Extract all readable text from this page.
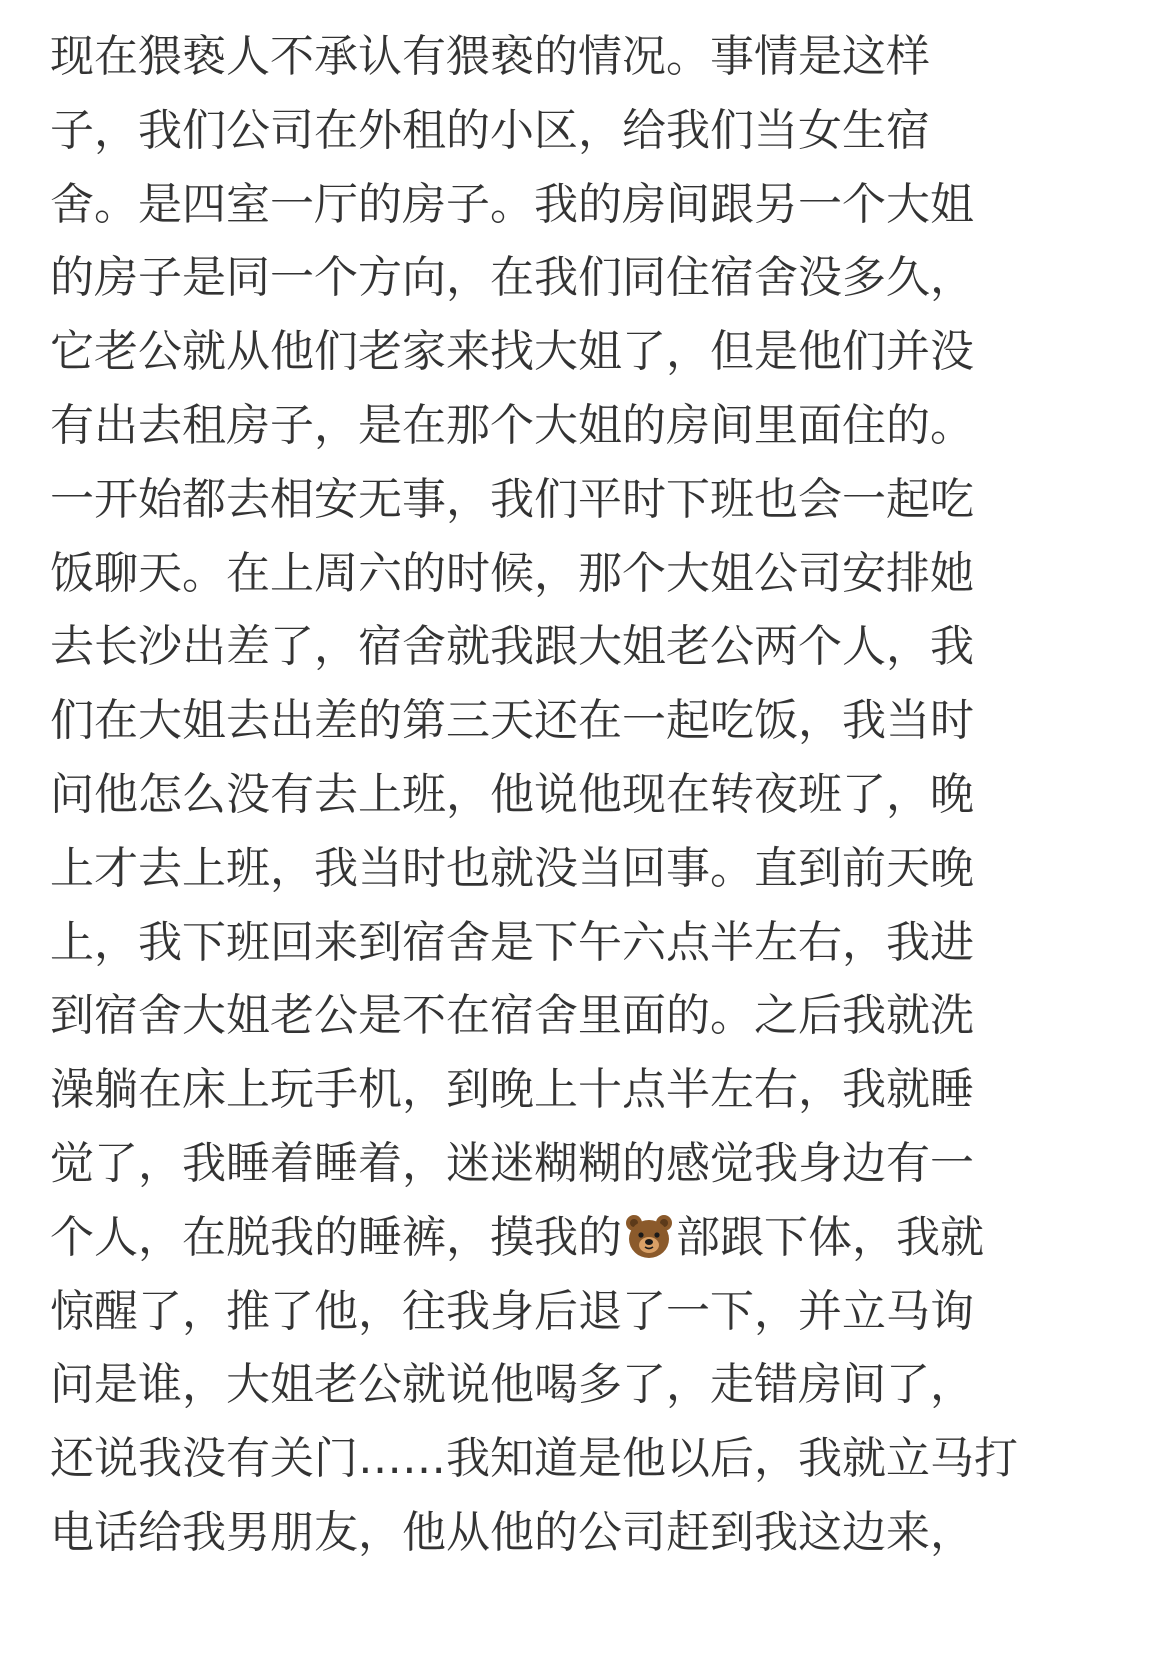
现在猥亵人不承认有猥亵的情况。事情是这样
子，我们公司在外租的小区，给我们当女生宿
舍。是四室一厅的房子。我的房间跟另一个大姐
的房子是同一个方向，在我们同住宿舍没多久，
它老公就从他们老家来找大姐了，但是他们并没
有出去租房子，是在那个大姐的房间里面住的。
一开始都去相安无事，我们平时下班也会一起吃
饭聊天。在上周六的时候，那个大姐公司安排她
去长沙出差了，宿舍就我跟大姐老公两个人，我
们在大姐去出差的第三天还在一起吃饭，我当时
问他怎么没有去上班，他说他现在转夜班了，晚
上才去上班，我当时也就没当回事。直到前天晚
上，我下班回来到宿舍是下午六点半左右，我进
到宿舍大姐老公是不在宿舍里面的。之后我就洗
澡躺在床上玩手机，到晚上十点半左右，我就睡
觉了，我睡着睡着，迷迷糊糊的感觉我身边有一
个人，在脱我的睡裤，摸我的 部跟下体，我就
惊醒了，推了他，往我身后退了一下，并立马询
问是谁，大姐老公就说他喝多了，走错房间了，
还说我没有关门……我知道是他以后，我就立马打
电话给我男朋友，他从他的公司赶到我这边来，
